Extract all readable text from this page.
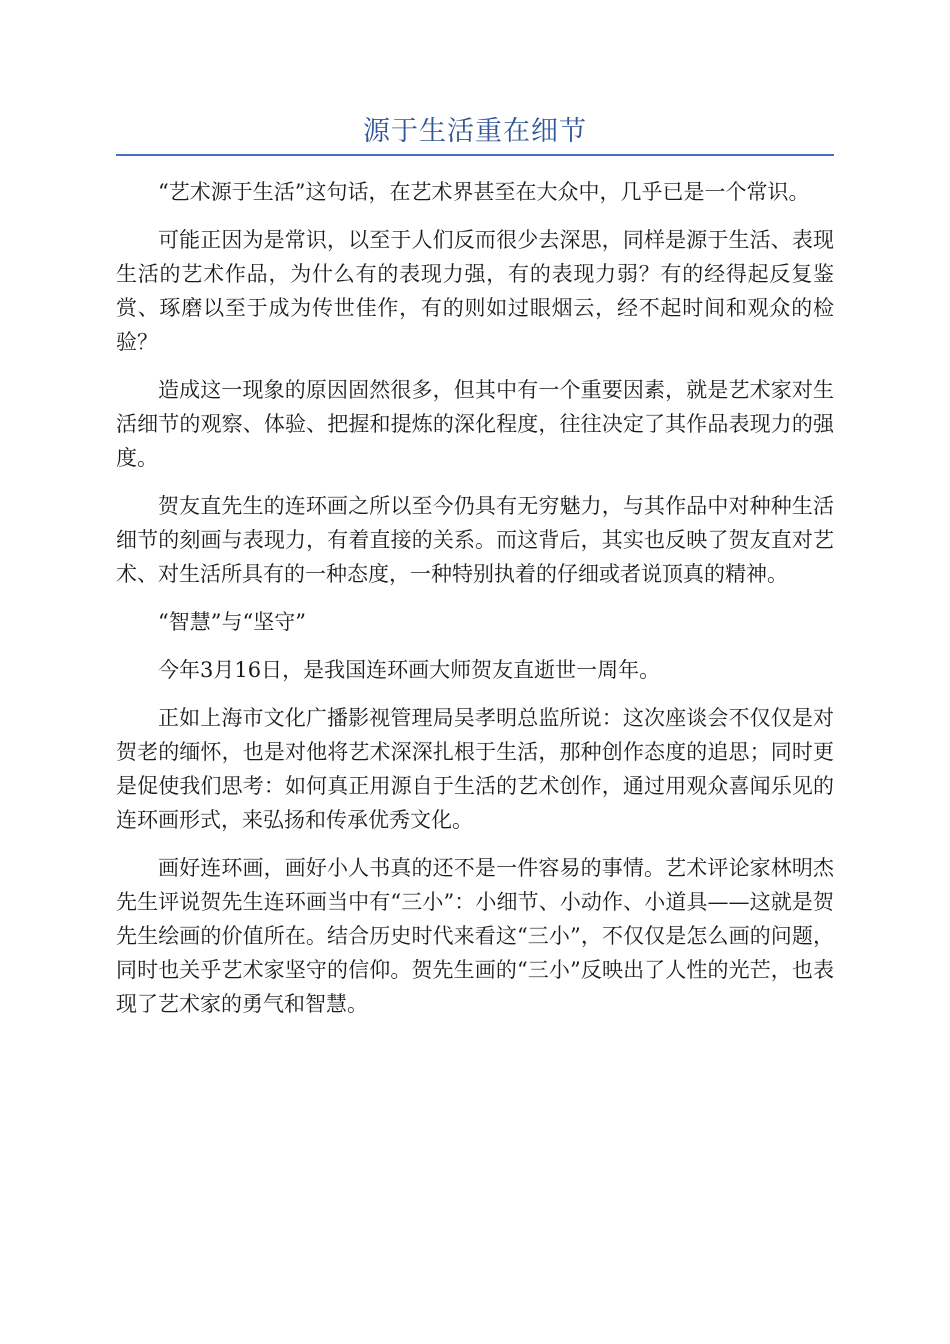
源于生活重在细节

“艺术源于生活”这句话，在艺术界甚至在大众中，几乎已是一个常识。

可能正因为是常识，以至于人们反而很少去深思，同样是源于生活、表现生活的艺术作品，为什么有的表现力强，有的表现力弱？有的经得起反复鉴赏、琢磨以至于成为传世佳作，有的则如过眼烟云，经不起时间和观众的检验？

造成这一现象的原因固然很多，但其中有一个重要因素，就是艺术家对生活细节的观察、体验、把握和提炼的深化程度，往往决定了其作品表现力的强度。

贺友直先生的连环画之所以至今仍具有无穷魅力，与其作品中对种种生活细节的刻画与表现力，有着直接的关系。而这背后，其实也反映了贺友直对艺术、对生活所具有的一种态度，一种特别执着的仔细或者说顶真的精神。

“智慧”与“坚守”

今年3月16日，是我国连环画大师贺友直逝世一周年。

正如上海市文化广播影视管理局吴孝明总监所说：这次座谈会不仅仅是对贺老的缅怀，也是对他将艺术深深扎根于生活，那种创作态度的追思；同时更是促使我们思考：如何真正用源自于生活的艺术创作，通过用观众喜闻乐见的连环画形式，来弘扬和传承优秀文化。

画好连环画，画好小人书真的还不是一件容易的事情。艺术评论家林明杰先生评说贺先生连环画当中有“三小”：小细节、小动作、小道具——这就是贺先生绘画的价值所在。结合历史时代来看这“三小”，不仅仅是怎么画的问题，同时也关乎艺术家坚守的信仰。贺先生画的“三小”反映出了人性的光芒，也表现了艺术家的勇气和智慧。
